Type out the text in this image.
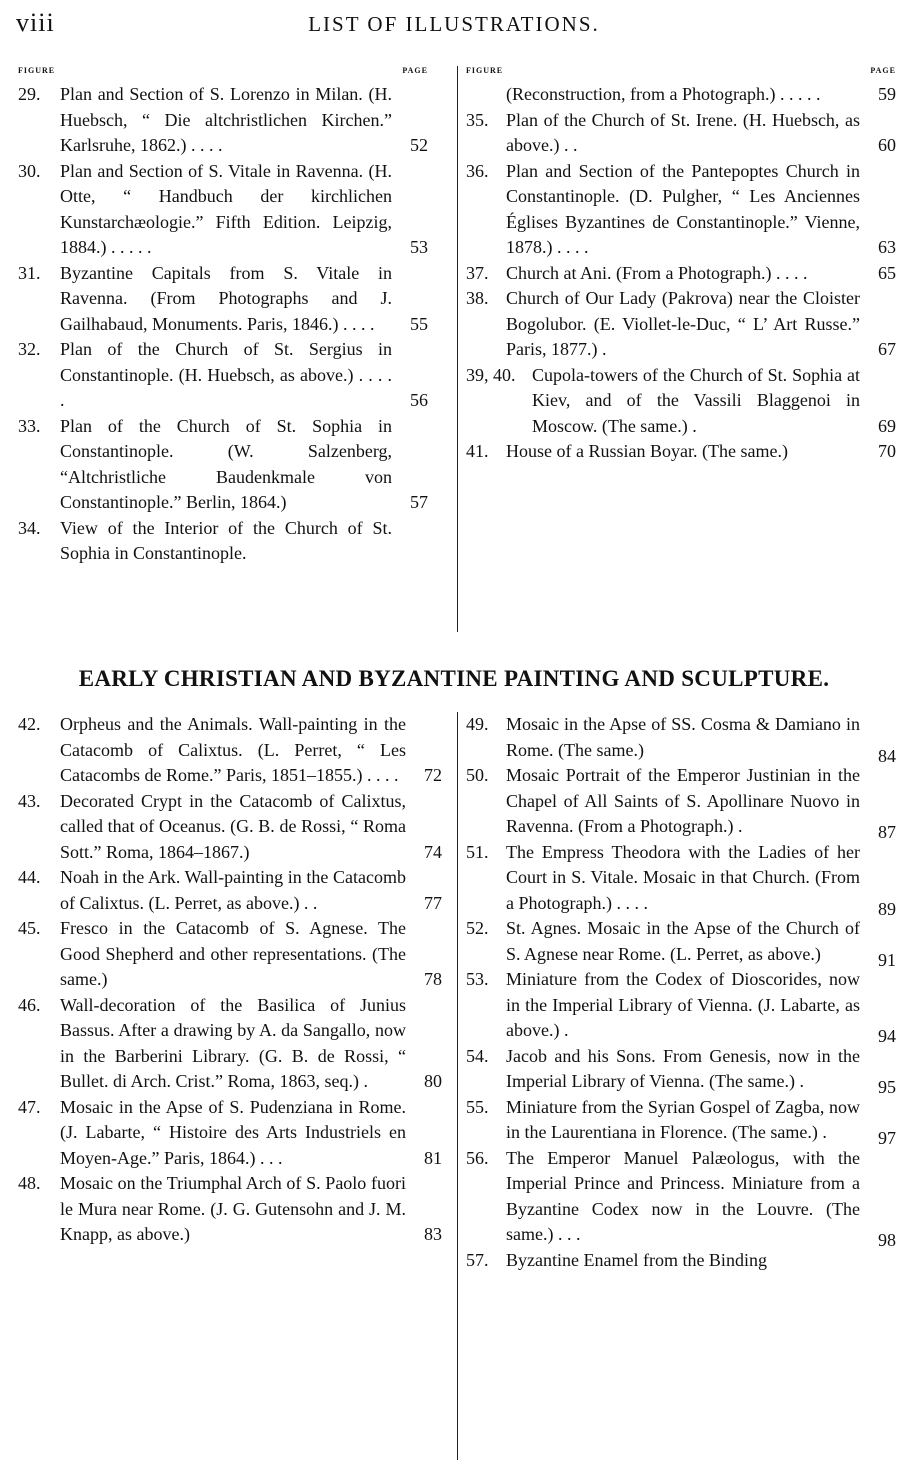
viii	LIST OF ILLUSTRATIONS.
FIGURE	PAGE
29.	Plan and Section of S. Lorenzo in Milan. (H. Huebsch, “ Die altchristlichen Kirchen.” Karlsruhe, 1862.) . . . .	52
30.	Plan and Section of S. Vitale in Ravenna. (H. Otte, “ Handbuch der kirchlichen Kunstarchæologie.” Fifth Edition. Leipzig, 1884.) . . . . .	53
31.	Byzantine Capitals from S. Vitale in Ravenna. (From Photographs and J. Gailhabaud, Monuments. Paris, 1846.) . . . .	55
32.	Plan of the Church of St. Sergius in Constantinople. (H. Huebsch, as above.) . . . . .	56
33.	Plan of the Church of St. Sophia in Constantinople. (W. Salzenberg, “Altchristliche Baudenkmale von Constantinople.” Berlin, 1864.)	57
34.	View of the Interior of the Church of St. Sophia in Constantinople.
FIGURE	PAGE
(Reconstruction, from a Photograph.) . . . . .	59
35. Plan of the Church of St. Irene. (H. Huebsch, as above.) . .	60
36. Plan and Section of the Pantepoptes Church in Constantinople. (D. Pulgher, “ Les Anciennes Églises Byzantines de Constantinople.” Vienne, 1878.) . . . .	63
37. Church at Ani. (From a Photograph.) . . . .	65
38. Church of Our Lady (Pakrova) near the Cloister Bogolubor. (E. Viollet-le-Duc, “ L’ Art Russe.” Paris, 1877.) .	67
39, 40. Cupola-towers of the Church of St. Sophia at Kiev, and of the Vassili Blaggenoi in Moscow. (The same.) .	69
41. House of a Russian Boyar. (The same.)	70
EARLY CHRISTIAN AND BYZANTINE PAINTING AND SCULPTURE.
42.	Orpheus and the Animals. Wall-painting in the Catacomb of Calixtus. (L. Perret, “ Les Catacombs de Rome.” Paris, 1851–1855.) . . . .	72
43.	Decorated Crypt in the Catacomb of Calixtus, called that of Oceanus. (G. B. de Rossi, “ Roma Sott.” Roma, 1864–1867.)	74
44.	Noah in the Ark. Wall-painting in the Catacomb of Calixtus. (L. Perret, as above.) . .	77
45.	Fresco in the Catacomb of S. Agnese. The Good Shepherd and other representations. (The same.)	78
46.	Wall-decoration of the Basilica of Junius Bassus. After a drawing by A. da Sangallo, now in the Barberini Library. (G. B. de Rossi, “ Bullet. di Arch. Crist.” Roma, 1863, seq.) .	80
47.	Mosaic in the Apse of S. Pudenziana in Rome. (J. Labarte, “ Histoire des Arts Industriels en Moyen-Age.” Paris, 1864.) . . .	81
48.	Mosaic on the Triumphal Arch of S. Paolo fuori le Mura near Rome. (J. G. Gutensohn and J. M. Knapp, as above.)	83
49. Mosaic in the Apse of SS. Cosma & Damiano in Rome. (The same.)	84
50. Mosaic Portrait of the Emperor Justinian in the Chapel of All Saints of S. Apollinare Nuovo in Ravenna. (From a Photograph.) .	87
51. The Empress Theodora with the Ladies of her Court in S. Vitale. Mosaic in that Church. (From a Photograph.) . . . .	89
52. St. Agnes. Mosaic in the Apse of the Church of S. Agnese near Rome. (L. Perret, as above.)	91
53. Miniature from the Codex of Dioscorides, now in the Imperial Library of Vienna. (J. Labarte, as above.) .	94
54. Jacob and his Sons. From Genesis, now in the Imperial Library of Vienna. (The same.) .	95
55. Miniature from the Syrian Gospel of Zagba, now in the Laurentiana in Florence. (The same.) .	97
56. The Emperor Manuel Palæologus, with the Imperial Prince and Princess. Miniature from a Byzantine Codex now in the Louvre. (The same.) . . .	98
57. Byzantine Enamel from the Binding
